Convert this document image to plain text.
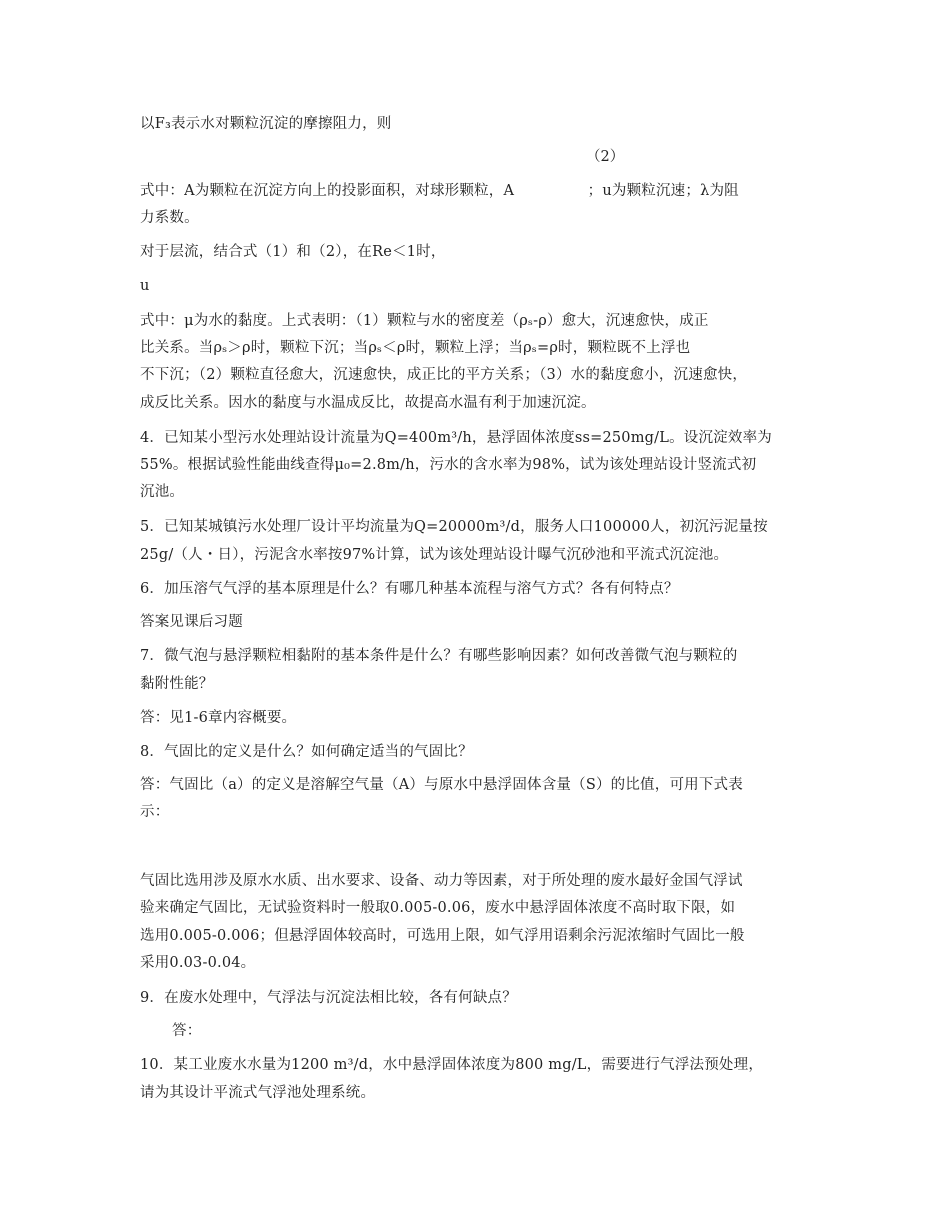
以F₃表示水对颗粒沉淀的摩擦阻力，则
（2）
式中：A为颗粒在沉淀方向上的投影面积，对球形颗粒，A　　　　　；u为颗粒沉速；λ为阻
力系数。
对于层流，结合式（1）和（2），在Re＜1时，
u
式中：μ为水的黏度。上式表明：（1）颗粒与水的密度差（ρₛ-ρ）愈大，沉速愈快，成正
比关系。当ρₛ＞ρ时，颗粒下沉；当ρₛ＜ρ时，颗粒上浮；当ρₛ=ρ时，颗粒既不上浮也
不下沉；（2）颗粒直径愈大，沉速愈快，成正比的平方关系；（3）水的黏度愈小，沉速愈快，
成反比关系。因水的黏度与水温成反比，故提高水温有利于加速沉淀。
4．已知某小型污水处理站设计流量为Q=400m³/h，悬浮固体浓度ss=250mg/L。设沉淀效率为
55%。根据试验性能曲线查得μ₀=2.8m/h，污水的含水率为98%，试为该处理站设计竖流式初
沉池。
5．已知某城镇污水处理厂设计平均流量为Q=20000m³/d，服务人口100000人，初沉污泥量按
25g/（人・日），污泥含水率按97%计算，试为该处理站设计曝气沉砂池和平流式沉淀池。
6．加压溶气气浮的基本原理是什么？有哪几种基本流程与溶气方式？各有何特点？
答案见课后习题
7．微气泡与悬浮颗粒相黏附的基本条件是什么？有哪些影响因素？如何改善微气泡与颗粒的
黏附性能？
答：见1-6章内容概要。
8．气固比的定义是什么？如何确定适当的气固比？
答：气固比（a）的定义是溶解空气量（A）与原水中悬浮固体含量（S）的比值，可用下式表
示：
气固比选用涉及原水水质、出水要求、设备、动力等因素，对于所处理的废水最好金国气浮试
验来确定气固比，无试验资料时一般取0.005-0.06，废水中悬浮固体浓度不高时取下限，如
选用0.005-0.006；但悬浮固体较高时，可选用上限，如气浮用语剩余污泥浓缩时气固比一般
采用0.03-0.04。
9．在废水处理中，气浮法与沉淀法相比较，各有何缺点？
答：
10．某工业废水水量为1200 m³/d，水中悬浮固体浓度为800 mg/L，需要进行气浮法预处理，
请为其设计平流式气浮池处理系统。
